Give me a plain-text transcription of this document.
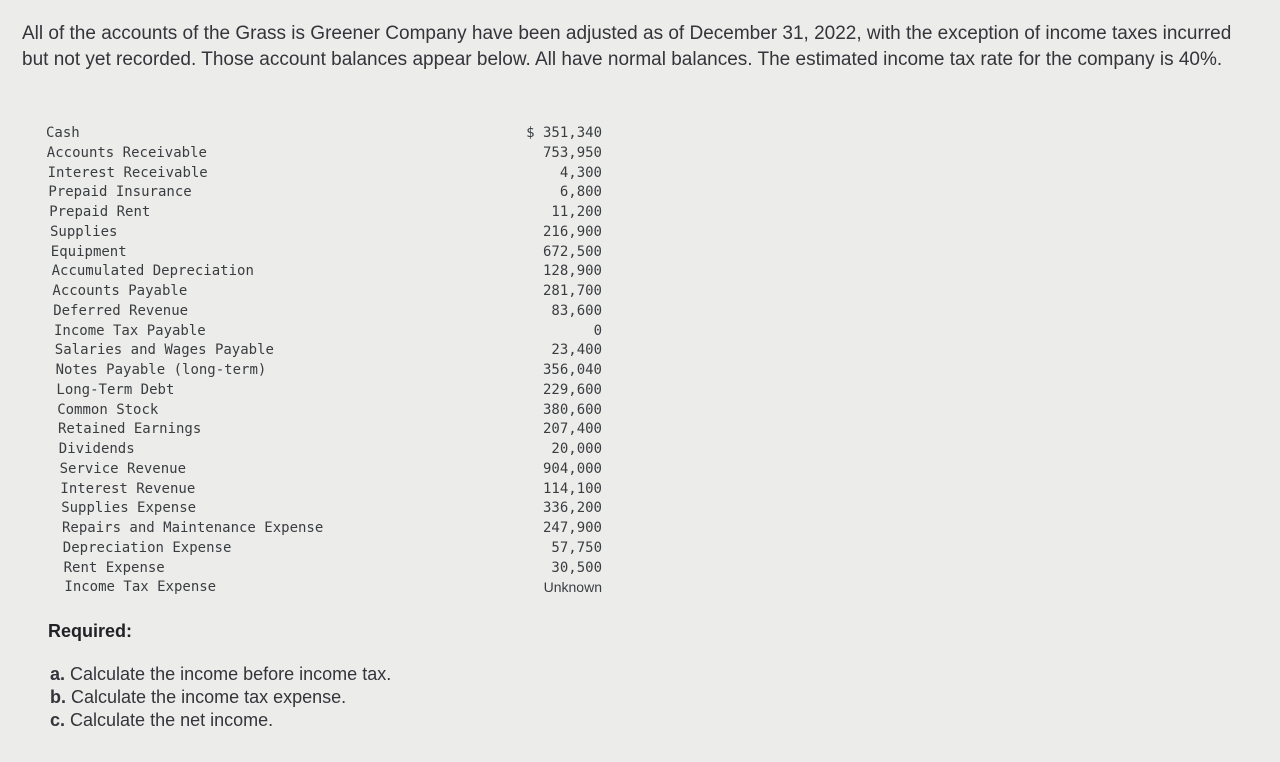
All of the accounts of the Grass is Greener Company have been adjusted as of December 31, 2022, with the exception of income taxes incurred but not yet recorded. Those account balances appear below. All have normal balances. The estimated income tax rate for the company is 40%.

Cash	$ 351,340
Accounts Receivable	753,950
Interest Receivable	4,300
Prepaid Insurance	6,800
Prepaid Rent	11,200
Supplies	216,900
Equipment	672,500
Accumulated Depreciation	128,900
Accounts Payable	281,700
Deferred Revenue	83,600
Income Tax Payable	0
Salaries and Wages Payable	23,400
Notes Payable (long-term)	356,040
Long-Term Debt	229,600
Common Stock	380,600
Retained Earnings	207,400
Dividends	20,000
Service Revenue	904,000
Interest Revenue	114,100
Supplies Expense	336,200
Repairs and Maintenance Expense	247,900
Depreciation Expense	57,750
Rent Expense	30,500
Income Tax Expense	Unknown
Required:
a. Calculate the income before income tax.
b. Calculate the income tax expense.
c. Calculate the net income.
